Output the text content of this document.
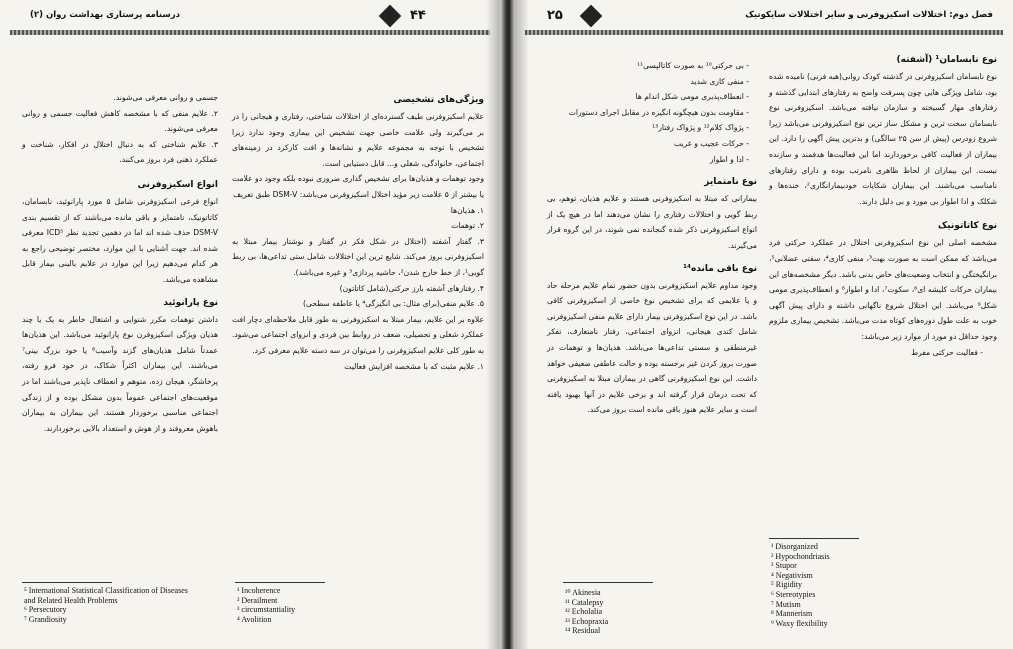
درسنامه پرستاری بهداشت روان (۲)	۴۴
ویژگی‌های تشخیصی

علایم اسکیزوفرنی طیف گسترده‌ای از اختلالات شناختی، رفتاری و هیجانی را در بر می‌گیرند ولی علامت خاصی جهت تشخیص این بیماری وجود ندارد زیرا تشخیص با توجه به مجموعه علایم و نشانه‌ها و افت کارکرد در زمینه‌های اجتماعی، خانوادگی، شغلی و... قابل دستیابی است.

وجود توهمات و هذیان‌ها برای تشخیص گذاری ضروری نبوده بلکه وجود دو علامت یا بیشتر از ۵ علامت زیر مؤید اختلال اسکیزوفرنی می‌باشد: DSM-V طبق تعریف

۱. هذیان‌ها
۲. توهمات
۳. گفتار آشفته (اختلال در شکل فکر در گفتار و نوشتار بیمار مبتلا به اسکیزوفرنی بروز می‌کند. شایع ترین این اختلالات شامل ستی تداعی‌ها، بی ربط گویی¹، از خط خارج شدن²، حاشیه پردازی³ و غیره می‌باشد).
۴. رفتارهای آشفته بارز حرکتی(شامل کاتاتون)
۵. علایم منفی(برای مثال: بی انگیزگی⁴ یا عاطفه سطحی)

علاوه بر این علایم، بیمار مبتلا به اسکیزوفرنی به طور قابل ملاحظه‌ای دچار افت عملکرد شغلی و تحصیلی، ضعف در روابط بین فردی و انزوای اجتماعی می‌شود. به طور کلی علایم اسکیزوفرنی را می‌توان در سه دسته علایم معرفی کرد.

۱. علایم مثبت که با مشخصه افزایش فعالیت

جسمی و روانی معرفی می‌شوند.

۲. علایم منفی که با مشخصه کاهش فعالیت جسمی و روانی معرفی می‌شوند.

۳. علایم شناختی که به دنبال اختلال در افکار، شناخت و عملکرد ذهنی فرد بروز می‌کنند.

انواع اسکیزوفرنی

انواع فرعی اسکیزوفرنی شامل ۵ مورد پارانوئید، نابسامان، کاتاتونیک، نامتمایز و باقی مانده می‌باشند که از تقسیم بندی DSM-V حذف شده اند اما در دهمین تجدید نظر ICD⁵ معرفی شده اند. جهت آشنایی با این موارد، مختصر توضیحی راجع به هر کدام می‌دهیم زیرا این موارد در علایم بالینی بیمار قابل مشاهده می‌باشد.

نوع پارانوئید

داشتن توهمات مکرر شنوایی و اشتغال خاطر به یک یا چند هذیان ویژگی اسکیزوفرن نوع پارانوئید می‌باشد. این هذیان‌ها عمدتاً شامل هذیان‌های گزند وآسیب⁶ یا خود بزرگ بینی⁷ می‌باشند. این بیماران اکثراً شکاک، در خود فرو رفته، پرخاشگر، هیجان زده، متوهم و انعطاف ناپذیر می‌باشند اما در موقعیت‌های اجتماعی عموماً بدون مشکل بوده و از زندگی اجتماعی مناسبی برخوردار هستند. این بیماران به بیماران باهوش معروفند و از هوش و استعداد بالایی برخوردارند.

¹ Incoherence
² Derailment
³ circumstantiality
⁴ Avolition
⁵ International Statistical Classification of Diseases
and Related Health Problems
⁶ Persecutory
⁷ Grandiosity
۲۵	فصل دوم: اختلالات اسکیزوفرنی و سایر اختلالات سایکوتیک
نوع نابسامان¹ (آشفته)

نوع نابسامان اسکیزوفرنی در گذشته کودک روانی(هبه فرنی) نامیده شده بود، شامل ویژگی هایی چون پسرفت واضح به رفتارهای ابتدایی گذشته و رفتارهای مهار گسیخته و سازمان نیافته می‌باشد. اسکیزوفرنی نوع نابسامان سخت ترین و مشکل ساز ترین نوع اسکیزوفرنی می‌باشد زیرا شروع زودرس (پیش از سن ۲۵ سالگی) و بدترین پیش آگهی را دارد. این بیماران از فعالیت کافی برخوردارند اما این فعالیت‌ها هدفمند و سازنده نیست. این بیماران از لحاظ ظاهری نامرتب بوده و دارای رفتارهای نامناسب می‌باشند. این بیماران شکایات خودبیمارانگاری²، خنده‌ها و شکلک و ادا اطوار بی مورد و بی دلیل دارند.

نوع کاتاتونیک

مشخصه اصلی این نوع اسکیزوفرنی اختلال در عملکرد حرکتی فرد می‌باشد که ممکن است به صورت بهت³، منفی کاری⁴، سفتی عضلانی⁵، برانگیختگی و انتخاب وضعیت‌های خاص بدنی باشد. دیگر مشخصه‌های این بیماران حرکات کلیشه ای⁶، سکوت⁷، ادا و اطوار⁸ و انعطاف‌پذیری مومی شکل⁹ می‌باشد. این اختلال شروع ناگهانی داشته و دارای پیش آگهی خوب به علت طول دوره‌های کوتاه مدت می‌باشد. تشخیص بیماری ملزوم وجود حداقل دو مورد از موارد زیر می‌باشد:

- فعالیت حرکتی مفرط
- بی حرکتی¹⁰ به صورت کاتالپسی¹¹
- منفی کاری شدید
- انعطاف‌پذیری مومی شکل اندام ها
- مقاومت بدون هیچگونه انگیزه در مقابل اجرای دستورات
- پژواک کلام¹² و پژواک رفتار¹³
- حرکات عجیب و غریب
- ادا و اطوار
نوع نامتمایز

بیمارانی که مبتلا به اسکیزوفرنی هستند و علایم هذیان، توهم، بی ربط گویی و اختلالات رفتاری را نشان می‌دهند اما در هیچ یک از انواع اسکیزوفرنی ذکر شده گنجانده نمی شوند، در این گروه قرار می‌گیرند.

نوع باقی مانده¹⁴

وجود مداوم علایم اسکیزوفرنی بدون حضور تمام علایم مرحله حاد و یا علایمی که برای تشخیص نوع خاصی از اسکیزوفرنی کافی باشد. در این نوع اسکیزوفرنی بیمار دارای علایم منفی اسکیزوفرنی شامل کندی هیجانی، انزوای اجتماعی، رفتار نامتعارف، تفکر غیرمنطقی و سستی تداعی‌ها می‌باشد. هذیان‌ها و توهمات در صورت بروز کردن غیر برجسته بوده و حالت عاطفی ضعیفی خواهد داشت. این نوع اسکیزوفرنی گاهی در بیماران مبتلا به اسکیزوفرنی که تحت درمان قرار گرفته اند و برخی علایم در آنها بهبود یافته است و سایر علایم هنوز باقی مانده است بروز می‌کند.

¹ Disorganized
² Hypochondriasis
³ Stupor
⁴ Negativism
⁵ Rigidity
⁶ Stereotypies
⁷ Mutism
⁸ Mannerism
⁹ Waxy flexibility
¹⁰ Akinesia
¹¹ Catalepsy
¹² Echolalia
¹³ Echopraxia
¹⁴ Residual
